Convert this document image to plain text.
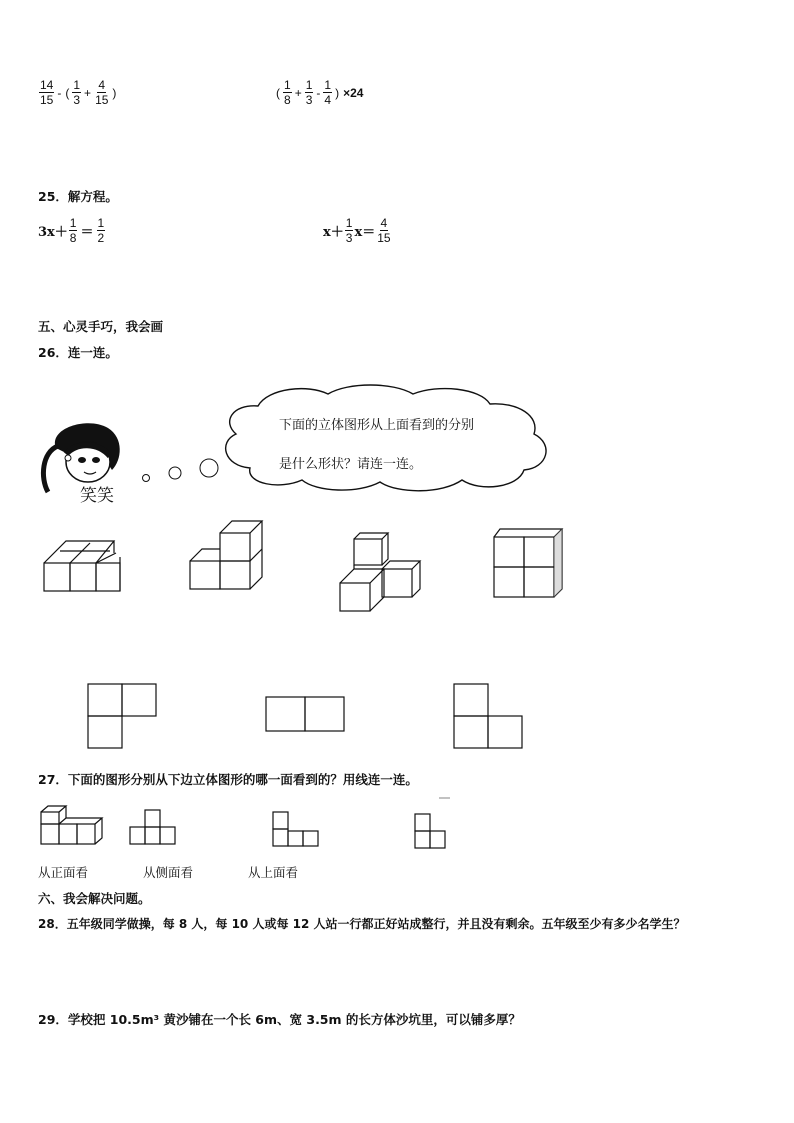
$\frac{14}{15}$ - ( $\frac{1}{3} + \frac{4}{15}$ )	( $\frac{1}{8} + \frac{1}{3} - \frac{1}{4}$ ) ×24
25．解方程。
$3x+ \frac{1}{8} = \frac{1}{2}$	$x+ \frac{1}{3} x= \frac{4}{15}$
五、心灵手巧，我会画
26．连一连。
笑笑
下面的立体图形从上面看到的分别
是什么形状？请连一连。
27．下面的图形分别从下边立体图形的哪一面看到的？用线连一连。
从正面看	从侧面看	从上面看
六、我会解决问题。
28．五年级同学做操，每 8 人，每 10 人或每 12 人站一行都正好站成整行，并且没有剩余。五年级至少有多少名学生？
29．学校把 10.5m³ 黄沙铺在一个长 6m、宽 3.5m 的长方体沙坑里，可以铺多厚？
